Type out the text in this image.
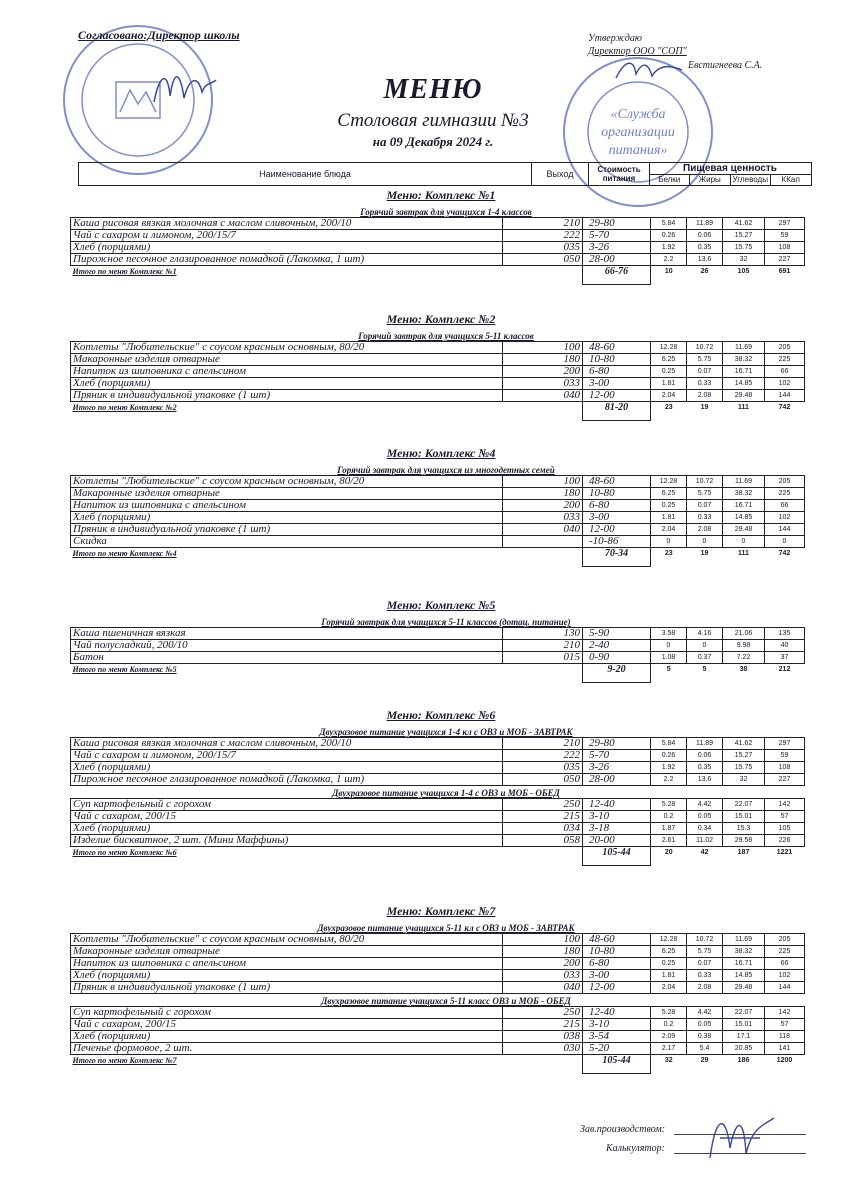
«Служба
организации
питания»
Согласовано:Директор школы	Утверждаю
Директор ООО "СОП"
Евстигнеева С.А.
МЕНЮ
Столовая гимназии №3
на 09 Декабря 2024 г.
Наименование блюда	Выход	Стоимость питания
Пищевая ценность
Белки	Жиры	Углеводы	ККал
Меню: Комплекс №1
Горячий завтрак для учащихся 1-4 классов
Каша рисовая вязкая молочная с маслом сливочным, 200/10	210	29-80	5.84	11.89	41.62	297
Чай с сахаром и лимоном, 200/15/7	222	5-70	0.26	0.06	15.27	59
Хлеб (порциями)	035	3-26	1.92	0.35	15.75	108
Пирожное песочное глазированное помадкой (Лакомка, 1 шт)	050	28-00	2.2	13.6	32	227
Итого по меню Комплекс №1		66-76	10	26	105	691
Меню: Комплекс №2
Горячий завтрак для учащихся 5-11 классов
Котлеты "Любительские" с соусом красным основным, 80/20	100	48-60	12.28	10.72	11.69	205
Макаронные изделия отварные	180	10-80	6.25	5.75	38.32	225
Напиток из шиповника с апельсином	200	6-80	0.25	0.07	16.71	66
Хлеб (порциями)	033	3-00	1.81	0.33	14.85	102
Пряник в индивидуальной упаковке (1 шт)	040	12-00	2.04	2.08	29.48	144
Итого по меню Комплекс №2		81-20	23	19	111	742
Меню: Комплекс №4
Горячий завтрак для учащихся из многодетных семей
Котлеты "Любительские" с соусом красным основным, 80/20	100	48-60	12.28	10.72	11.69	205
Макаронные изделия отварные	180	10-80	6.25	5.75	38.32	225
Напиток из шиповника с апельсином	200	6-80	0.25	0.07	16.71	66
Хлеб (порциями)	033	3-00	1.81	0.33	14.85	102
Пряник в индивидуальной упаковке (1 шт)	040	12-00	2.04	2.08	29.48	144
Скидка		-10-86	0	0	0	0
Итого по меню Комплекс №4		70-34	23	19	111	742
Меню: Комплекс №5
Горячий завтрак для учащихся 5-11 классов (дотац. питание)
Каша пшеничная вязкая	130	5-90	3.58	4.16	21.06	135
Чай полусладкий, 200/10	210	2-40	0	0	9.98	40
Батон	015	0-90	1.08	0.37	7.22	37
Итого по меню Комплекс №5		9-20	5	5	38	212
Меню: Комплекс №6
Двухразовое питание учащихся 1-4 кл с ОВЗ и МОБ - ЗАВТРАК
Каша рисовая вязкая молочная с маслом сливочным, 200/10	210	29-80	5.84	11.89	41.62	297
Чай с сахаром и лимоном, 200/15/7	222	5-70	0.26	0.06	15.27	59
Хлеб (порциями)	035	3-26	1.92	0.35	15.75	108
Пирожное песочное глазированное помадкой (Лакомка, 1 шт)	050	28-00	2.2	13.6	32	227
Двухразовое питание учащихся 1-4 с ОВЗ и МОБ - ОБЕД
Суп картофельный с горохом	250	12-40	5.28	4.42	22.07	142
Чай с сахаром, 200/15	215	3-10	0.2	0.05	15.01	57
Хлеб (порциями)	034	3-18	1.87	0.34	15.3	105
Изделие бисквитное, 2 шт. (Мини Маффины)	058	20-00	2.61	11.02	29.58	226
Итого по меню Комплекс №6		105-44	20	42	187	1221
Меню: Комплекс №7
Двухразовое питание учащихся 5-11 кл с ОВЗ и МОБ - ЗАВТРАК
Котлеты "Любительские" с соусом красным основным, 80/20	100	48-60	12.28	10.72	11.69	205
Макаронные изделия отварные	180	10-80	6.25	5.75	38.32	225
Напиток из шиповника с апельсином	200	6-80	0.25	0.07	16.71	66
Хлеб (порциями)	033	3-00	1.81	0.33	14.85	102
Пряник в индивидуальной упаковке (1 шт)	040	12-00	2.04	2.08	29.48	144
Двухразовое питание учащихся 5-11 класс ОВЗ и МОБ - ОБЕД
Суп картофельный с горохом	250	12-40	5.28	4.42	22.07	142
Чай с сахаром, 200/15	215	3-10	0.2	0.05	15.01	57
Хлеб (порциями)	038	3-54	2.09	0.38	17.1	118
Печенье формовое, 2 шт.	030	5-20	2.17	5.4	20.85	141
Итого по меню Комплекс №7		105-44	32	29	186	1200
Зав.производством:
Калькулятор:
